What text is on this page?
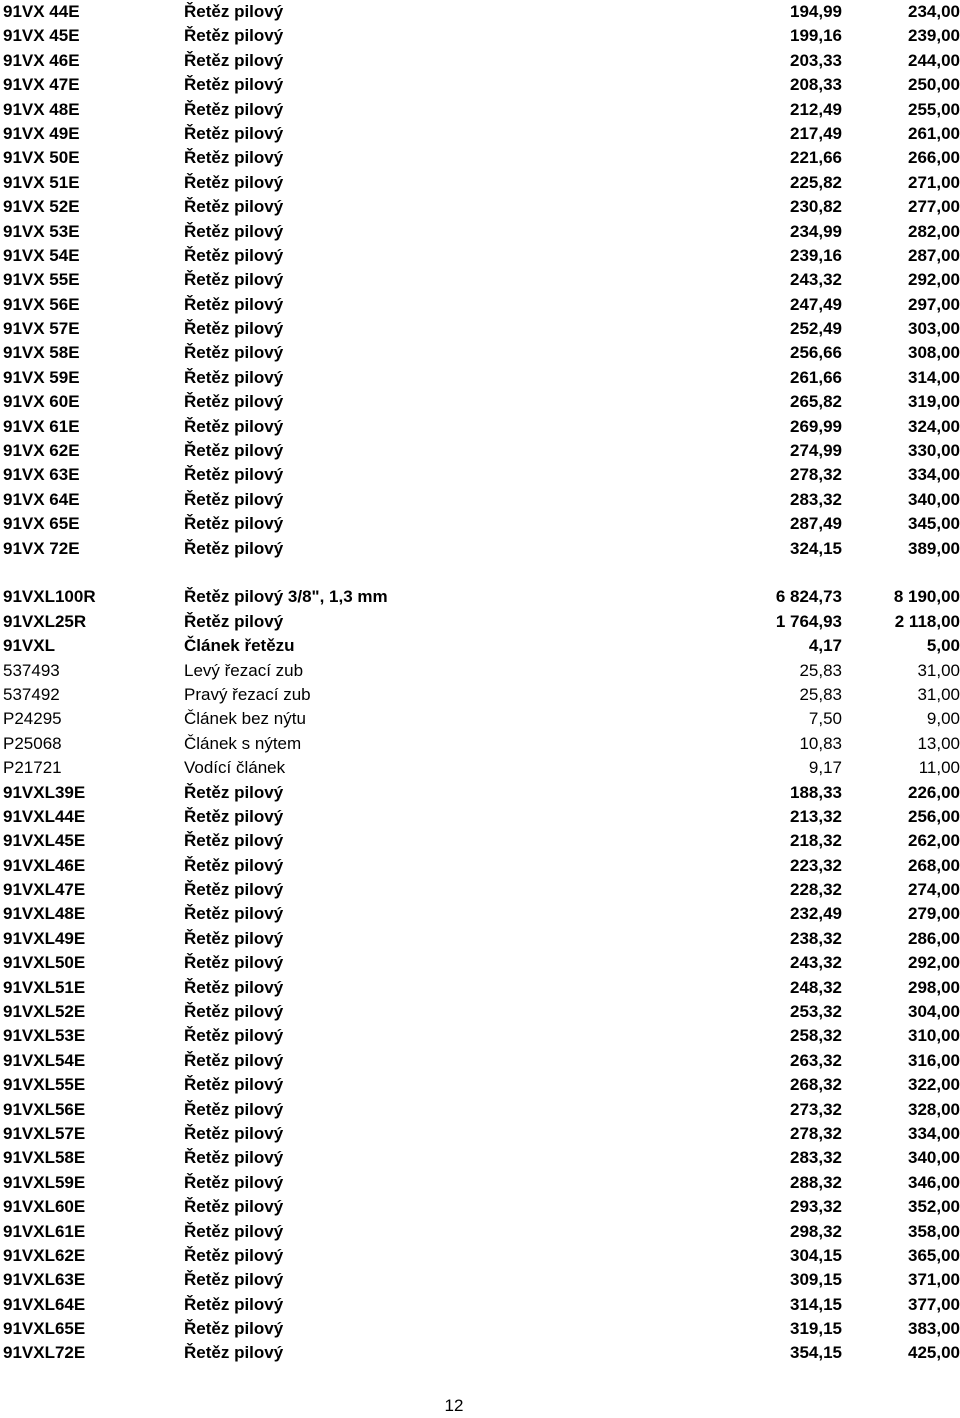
91VX 44E	Řetěz pilový	194,99	234,00
91VX 45E	Řetěz pilový	199,16	239,00
91VX 46E	Řetěz pilový	203,33	244,00
91VX 47E	Řetěz pilový	208,33	250,00
91VX 48E	Řetěz pilový	212,49	255,00
91VX 49E	Řetěz pilový	217,49	261,00
91VX 50E	Řetěz pilový	221,66	266,00
91VX 51E	Řetěz pilový	225,82	271,00
91VX 52E	Řetěz pilový	230,82	277,00
91VX 53E	Řetěz pilový	234,99	282,00
91VX 54E	Řetěz pilový	239,16	287,00
91VX 55E	Řetěz pilový	243,32	292,00
91VX 56E	Řetěz pilový	247,49	297,00
91VX 57E	Řetěz pilový	252,49	303,00
91VX 58E	Řetěz pilový	256,66	308,00
91VX 59E	Řetěz pilový	261,66	314,00
91VX 60E	Řetěz pilový	265,82	319,00
91VX 61E	Řetěz pilový	269,99	324,00
91VX 62E	Řetěz pilový	274,99	330,00
91VX 63E	Řetěz pilový	278,32	334,00
91VX 64E	Řetěz pilový	283,32	340,00
91VX 65E	Řetěz pilový	287,49	345,00
91VX 72E	Řetěz pilový	324,15	389,00
91VXL100R	Řetěz pilový 3/8", 1,3 mm	6 824,73	8 190,00
91VXL25R	Řetěz pilový	1 764,93	2 118,00
91VXL	Článek řetězu	4,17	5,00
537493	Levý řezací zub	25,83	31,00
537492	Pravý řezací zub	25,83	31,00
P24295	Článek bez nýtu	7,50	9,00
P25068	Článek s nýtem	10,83	13,00
P21721	Vodící článek	9,17	11,00
91VXL39E	Řetěz pilový	188,33	226,00
91VXL44E	Řetěz pilový	213,32	256,00
91VXL45E	Řetěz pilový	218,32	262,00
91VXL46E	Řetěz pilový	223,32	268,00
91VXL47E	Řetěz pilový	228,32	274,00
91VXL48E	Řetěz pilový	232,49	279,00
91VXL49E	Řetěz pilový	238,32	286,00
91VXL50E	Řetěz pilový	243,32	292,00
91VXL51E	Řetěz pilový	248,32	298,00
91VXL52E	Řetěz pilový	253,32	304,00
91VXL53E	Řetěz pilový	258,32	310,00
91VXL54E	Řetěz pilový	263,32	316,00
91VXL55E	Řetěz pilový	268,32	322,00
91VXL56E	Řetěz pilový	273,32	328,00
91VXL57E	Řetěz pilový	278,32	334,00
91VXL58E	Řetěz pilový	283,32	340,00
91VXL59E	Řetěz pilový	288,32	346,00
91VXL60E	Řetěz pilový	293,32	352,00
91VXL61E	Řetěz pilový	298,32	358,00
91VXL62E	Řetěz pilový	304,15	365,00
91VXL63E	Řetěz pilový	309,15	371,00
91VXL64E	Řetěz pilový	314,15	377,00
91VXL65E	Řetěz pilový	319,15	383,00
91VXL72E	Řetěz pilový	354,15	425,00
12
